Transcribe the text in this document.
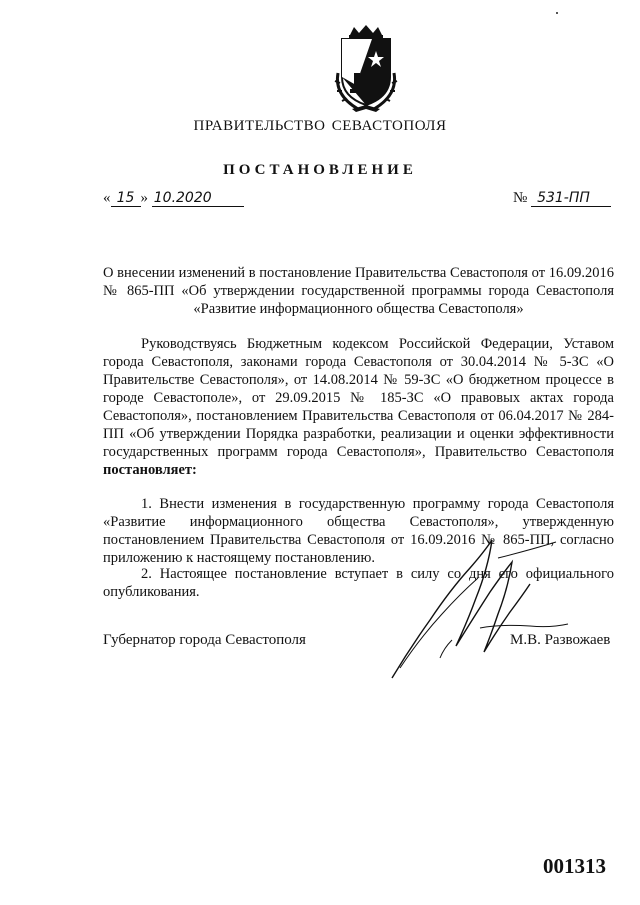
ПРАВИТЕЛЬСТВО СЕВАСТОПОЛЯ
ПОСТАНОВЛЕНИЕ
« 15 » 10.2020	№ 531-ПП
О внесении изменений в постановление Правительства Севастополя от 16.09.2016 № 865-ПП «Об утверждении государственной программы города Севастополя «Развитие информационного общества Севастополя»
Руководствуясь Бюджетным кодексом Российской Федерации, Уставом города Севастополя, законами города Севастополя от 30.04.2014 № 5-ЗС «О Правительстве Севастополя», от 14.08.2014 № 59-ЗС «О бюджетном процессе в городе Севастополе», от 29.09.2015 № 185-ЗС «О правовых актах города Севастополя», постановлением Правительства Севастополя от 06.04.2017 № 284-ПП «Об утверждении Порядка разработки, реализации и оценки эффективности государственных программ города Севастополя», Правительство Севастополя постановляет:
1. Внести изменения в государственную программу города Севастополя «Развитие информационного общества Севастополя», утвержденную постановлением Правительства Севастополя от 16.09.2016 № 865-ПП, согласно приложению к настоящему постановлению.
2. Настоящее постановление вступает в силу со дня его официального опубликования.
Губернатор города Севастополя	М.В. Развожаев
001313
